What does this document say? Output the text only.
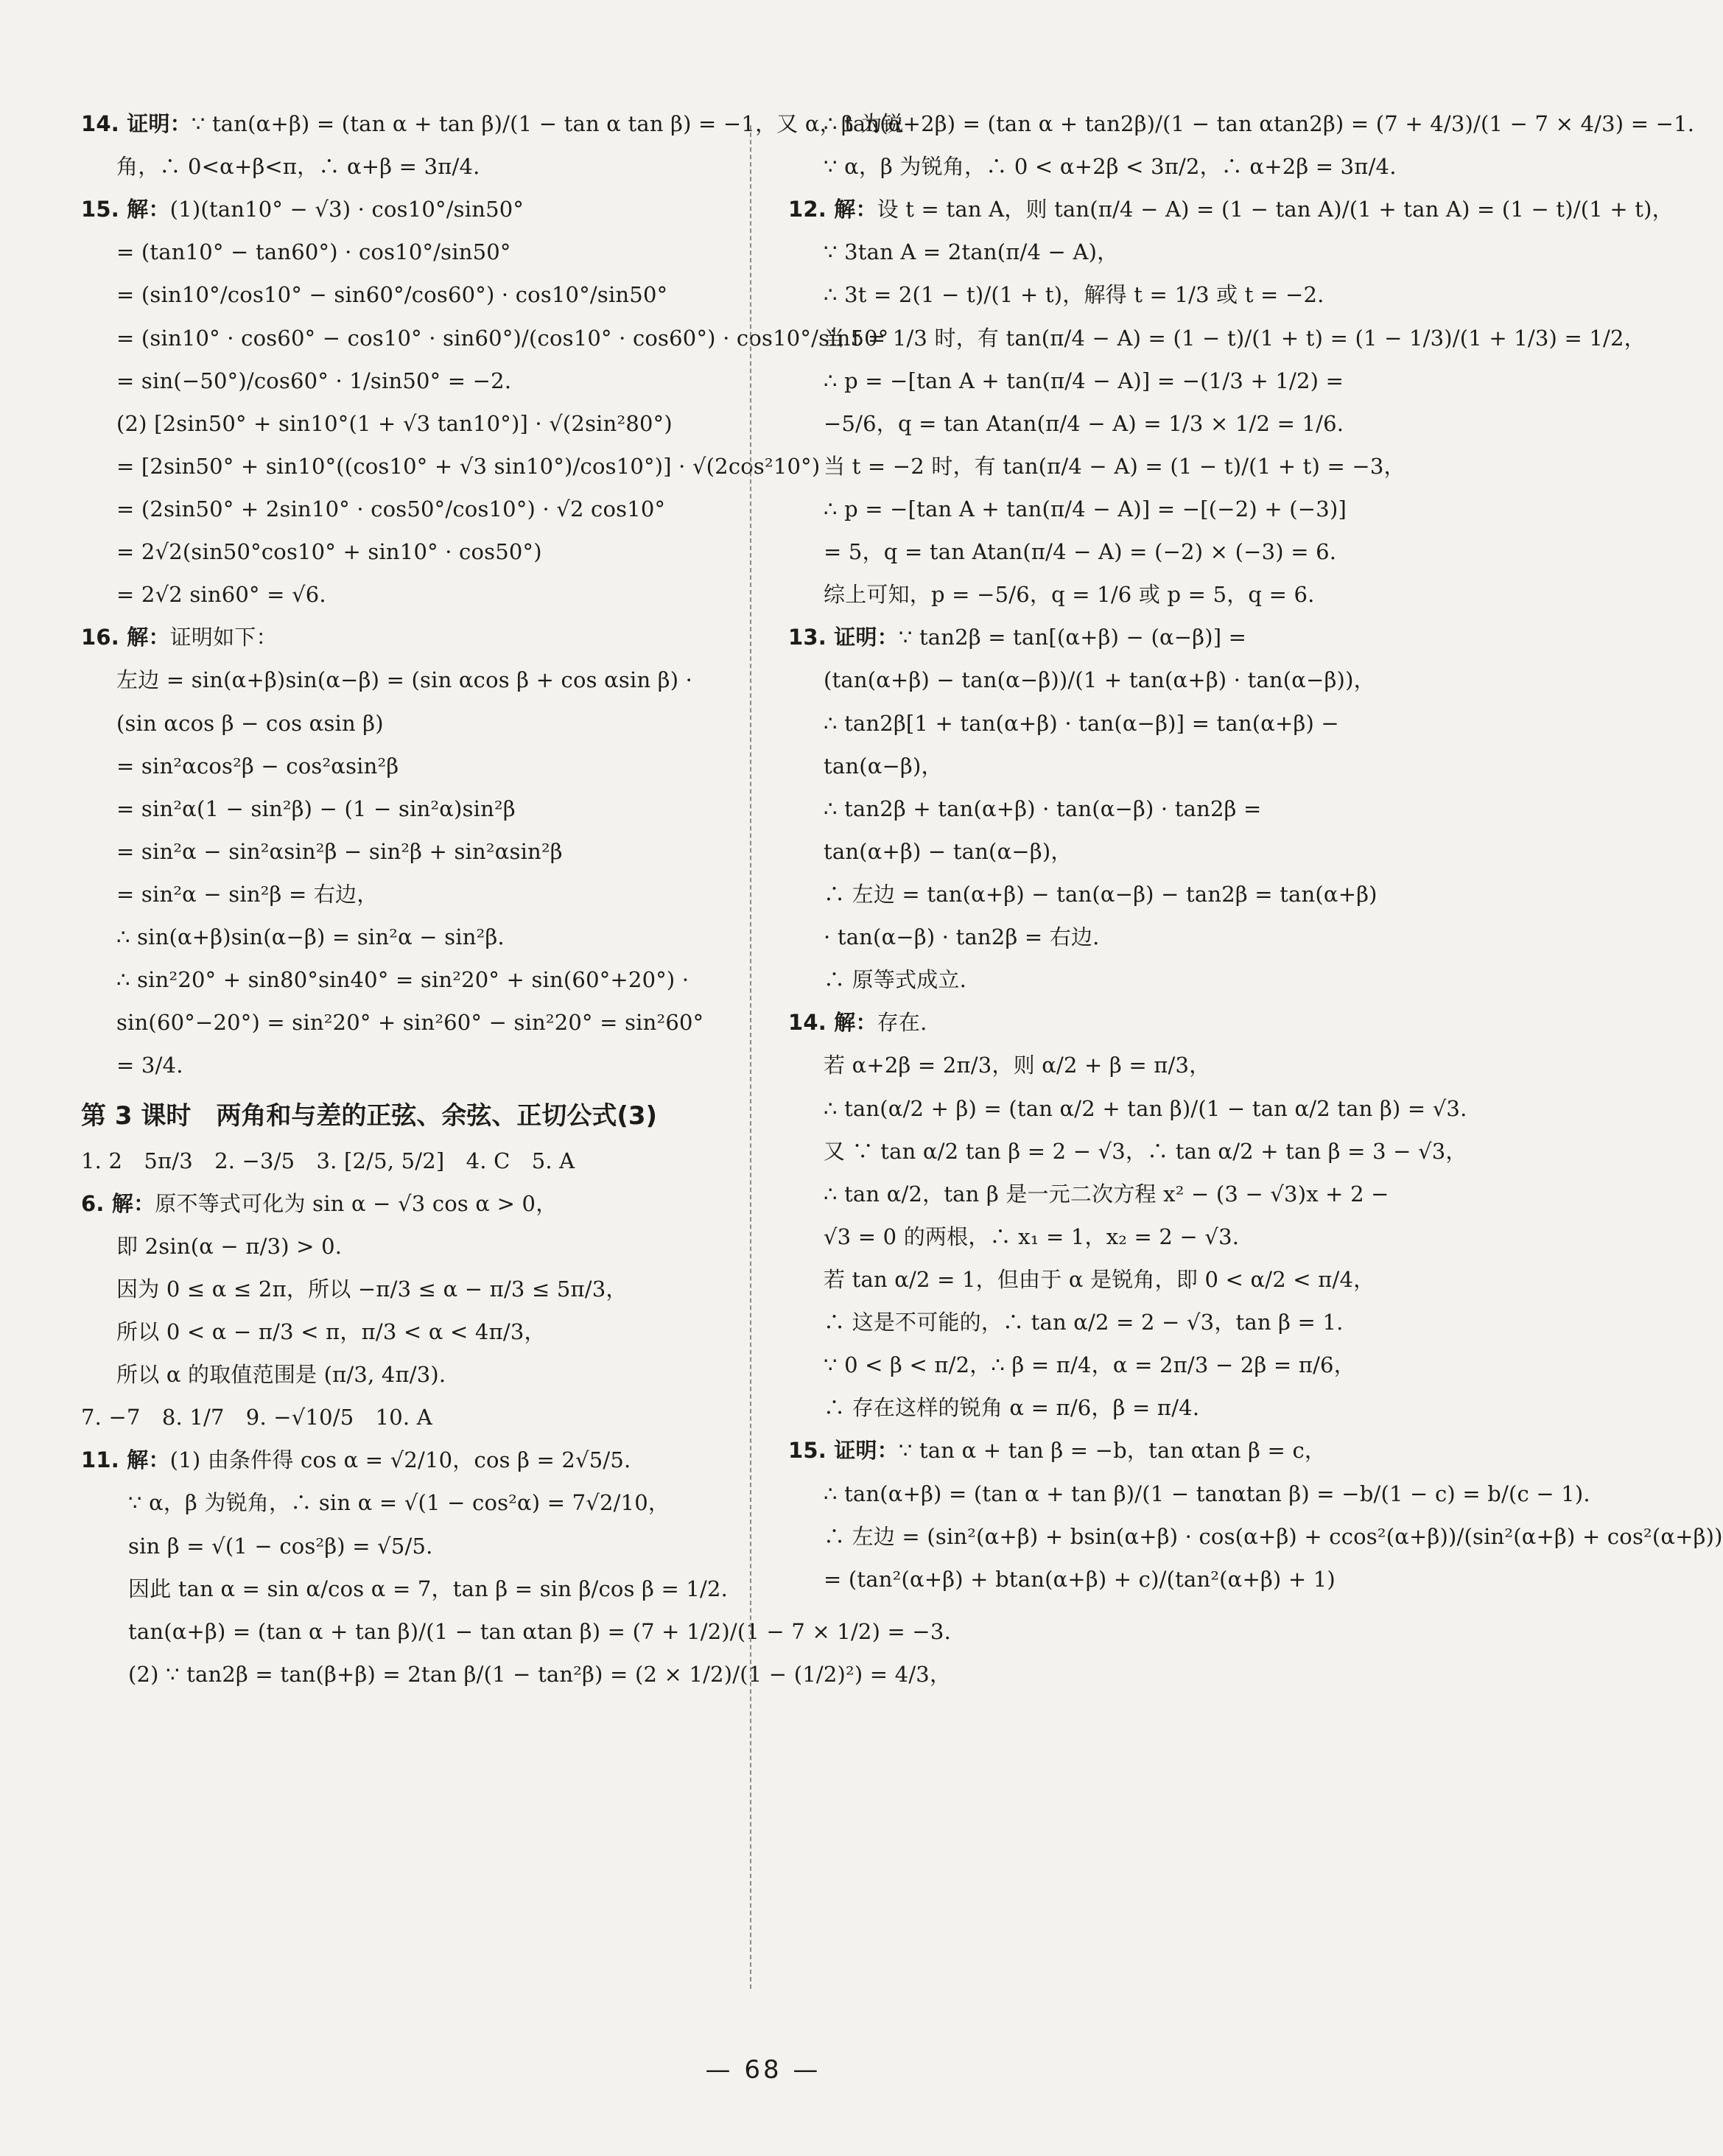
14. 证明：∵ tan(α+β) = (tan α + tan β)/(1 − tan α tan β) = −1，又 α，β 为锐
角，∴ 0<α+β<π，∴ α+β = 3π/4.
15. 解：(1)(tan10° − √3) · cos10°/sin50°
= (tan10° − tan60°) · cos10°/sin50°
= (sin10°/cos10° − sin60°/cos60°) · cos10°/sin50°
= (sin10° · cos60° − cos10° · sin60°)/(cos10° · cos60°) · cos10°/sin50°
= sin(−50°)/cos60° · 1/sin50° = −2.
(2) [2sin50° + sin10°(1 + √3 tan10°)] · √(2sin²80°)
= [2sin50° + sin10°((cos10° + √3 sin10°)/cos10°)] · √(2cos²10°)
= (2sin50° + 2sin10° · cos50°/cos10°) · √2 cos10°
= 2√2(sin50°cos10° + sin10° · cos50°)
= 2√2 sin60° = √6.
16. 解：证明如下：
左边 = sin(α+β)sin(α−β) = (sin αcos β + cos αsin β) ·
(sin αcos β − cos αsin β)
= sin²αcos²β − cos²αsin²β
= sin²α(1 − sin²β) − (1 − sin²α)sin²β
= sin²α − sin²αsin²β − sin²β + sin²αsin²β
= sin²α − sin²β = 右边，
∴ sin(α+β)sin(α−β) = sin²α − sin²β.
∴ sin²20° + sin80°sin40° = sin²20° + sin(60°+20°) ·
sin(60°−20°) = sin²20° + sin²60° − sin²20° = sin²60°
= 3/4.
第 3 课时　两角和与差的正弦、余弦、正切公式(3)
1. 2　5π/3　2. −3/5　3. [2/5, 5/2]　4. C　5. A
6. 解：原不等式可化为 sin α − √3 cos α > 0，
即 2sin(α − π/3) > 0.
因为 0 ≤ α ≤ 2π，所以 −π/3 ≤ α − π/3 ≤ 5π/3，
所以 0 < α − π/3 < π，π/3 < α < 4π/3，
所以 α 的取值范围是 (π/3, 4π/3).
7. −7　8. 1/7　9. −√10/5　10. A
11. 解：(1) 由条件得 cos α = √2/10，cos β = 2√5/5.
∵ α，β 为锐角，∴ sin α = √(1 − cos²α) = 7√2/10，
sin β = √(1 − cos²β) = √5/5.
因此 tan α = sin α/cos α = 7，tan β = sin β/cos β = 1/2.
tan(α+β) = (tan α + tan β)/(1 − tan αtan β) = (7 + 1/2)/(1 − 7 × 1/2) = −3.
(2) ∵ tan2β = tan(β+β) = 2tan β/(1 − tan²β) = (2 × 1/2)/(1 − (1/2)²) = 4/3，
∴ tan(α+2β) = (tan α + tan2β)/(1 − tan αtan2β) = (7 + 4/3)/(1 − 7 × 4/3) = −1.
∵ α，β 为锐角，∴ 0 < α+2β < 3π/2，∴ α+2β = 3π/4.
12. 解：设 t = tan A，则 tan(π/4 − A) = (1 − tan A)/(1 + tan A) = (1 − t)/(1 + t)，
∵ 3tan A = 2tan(π/4 − A)，
∴ 3t = 2(1 − t)/(1 + t)，解得 t = 1/3 或 t = −2.
当 t = 1/3 时，有 tan(π/4 − A) = (1 − t)/(1 + t) = (1 − 1/3)/(1 + 1/3) = 1/2，
∴ p = −[tan A + tan(π/4 − A)] = −(1/3 + 1/2) =
−5/6，q = tan Atan(π/4 − A) = 1/3 × 1/2 = 1/6.
当 t = −2 时，有 tan(π/4 − A) = (1 − t)/(1 + t) = −3，
∴ p = −[tan A + tan(π/4 − A)] = −[(−2) + (−3)]
= 5，q = tan Atan(π/4 − A) = (−2) × (−3) = 6.
综上可知，p = −5/6，q = 1/6 或 p = 5，q = 6.
13. 证明：∵ tan2β = tan[(α+β) − (α−β)] =
(tan(α+β) − tan(α−β))/(1 + tan(α+β) · tan(α−β))，
∴ tan2β[1 + tan(α+β) · tan(α−β)] = tan(α+β) −
tan(α−β)，
∴ tan2β + tan(α+β) · tan(α−β) · tan2β =
tan(α+β) − tan(α−β)，
∴ 左边 = tan(α+β) − tan(α−β) − tan2β = tan(α+β)
· tan(α−β) · tan2β = 右边.
∴ 原等式成立.
14. 解：存在.
若 α+2β = 2π/3，则 α/2 + β = π/3，
∴ tan(α/2 + β) = (tan α/2 + tan β)/(1 − tan α/2 tan β) = √3.
又 ∵ tan α/2 tan β = 2 − √3，∴ tan α/2 + tan β = 3 − √3，
∴ tan α/2，tan β 是一元二次方程 x² − (3 − √3)x + 2 −
√3 = 0 的两根，∴ x₁ = 1，x₂ = 2 − √3.
若 tan α/2 = 1，但由于 α 是锐角，即 0 < α/2 < π/4，
∴ 这是不可能的，∴ tan α/2 = 2 − √3，tan β = 1.
∵ 0 < β < π/2，∴ β = π/4，α = 2π/3 − 2β = π/6，
∴ 存在这样的锐角 α = π/6，β = π/4.
15. 证明：∵ tan α + tan β = −b，tan αtan β = c，
∴ tan(α+β) = (tan α + tan β)/(1 − tanαtan β) = −b/(1 − c) = b/(c − 1).
∴ 左边 = (sin²(α+β) + bsin(α+β) · cos(α+β) + ccos²(α+β))/(sin²(α+β) + cos²(α+β))
= (tan²(α+β) + btan(α+β) + c)/(tan²(α+β) + 1)
— 68 —
